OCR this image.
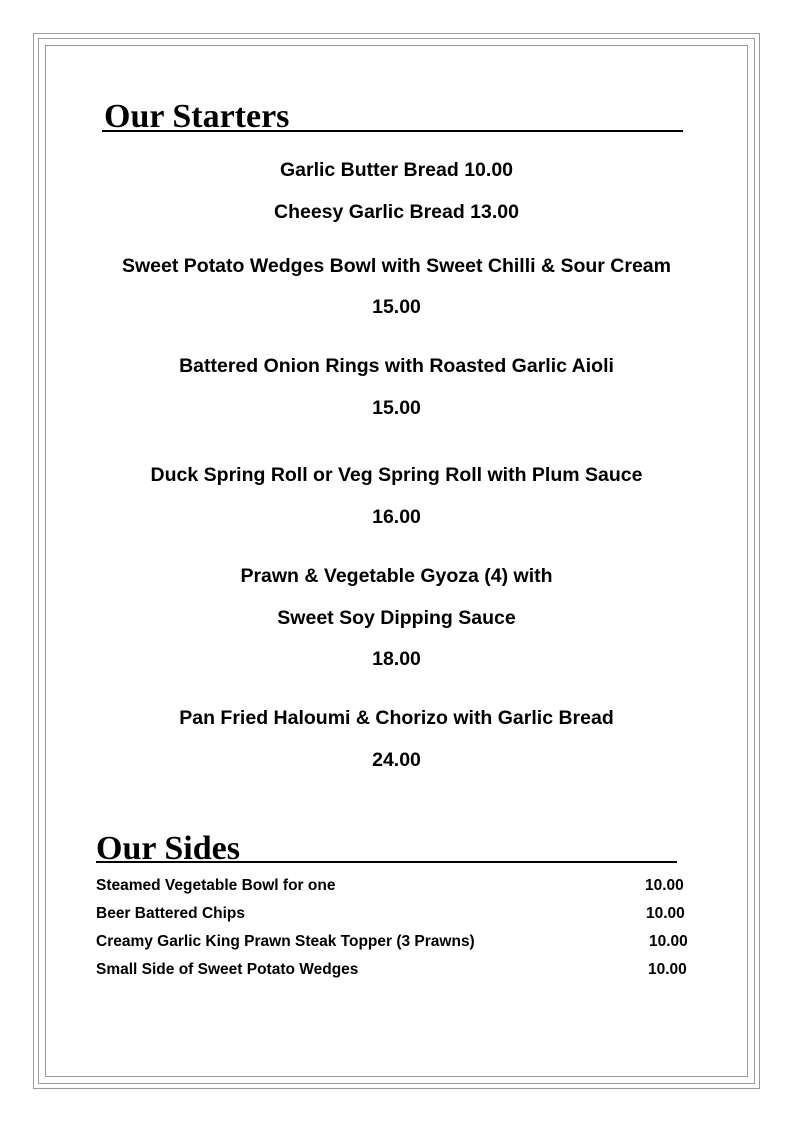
Our Starters
Garlic Butter Bread 10.00
Cheesy Garlic Bread 13.00
Sweet Potato Wedges Bowl with Sweet Chilli & Sour Cream
15.00
Battered Onion Rings with Roasted Garlic Aioli
15.00
Duck Spring Roll or Veg Spring Roll with Plum Sauce
16.00
Prawn & Vegetable Gyoza (4) with
Sweet Soy Dipping Sauce
18.00
Pan Fried Haloumi & Chorizo with Garlic Bread
24.00
Our Sides
Steamed Vegetable Bowl for one	10.00
Beer Battered Chips	10.00
Creamy Garlic King Prawn Steak Topper (3 Prawns)	10.00
Small Side of Sweet Potato Wedges	10.00
